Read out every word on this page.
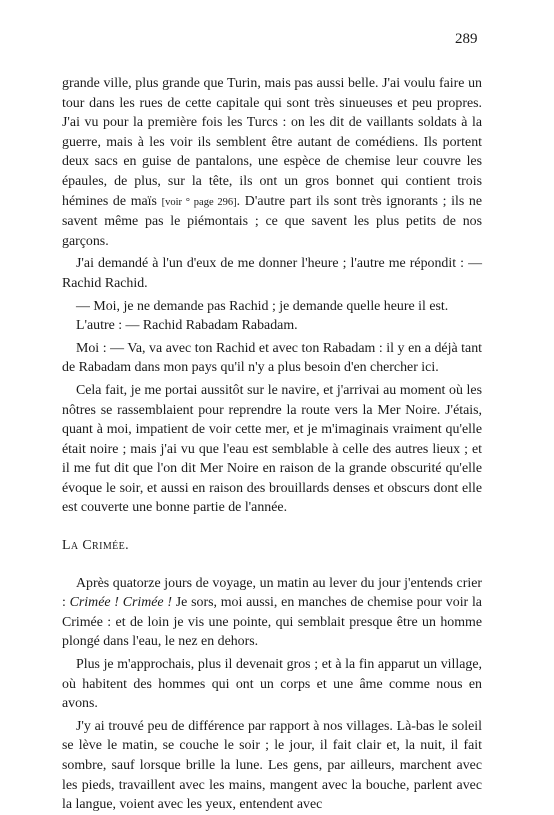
289

grande ville, plus grande que Turin, mais pas aussi belle. J'ai voulu faire un tour dans les rues de cette capitale qui sont très sinueuses et peu propres. J'ai vu pour la première fois les Turcs : on les dit de vaillants soldats à la guerre, mais à les voir ils semblent être autant de comédiens. Ils portent deux sacs en guise de pantalons, une espèce de chemise leur couvre les épaules, de plus, sur la tête, ils ont un gros bonnet qui contient trois hémines de maïs [voir ° page 296]. D'autre part ils sont très ignorants ; ils ne savent même pas le piémontais ; ce que savent les plus petits de nos garçons.

J'ai demandé à l'un d'eux de me donner l'heure ; l'autre me répondit : — Rachid Rachid.

— Moi, je ne demande pas Rachid ; je demande quelle heure il est.

L'autre : — Rachid Rabadam Rabadam.

Moi : — Va, va avec ton Rachid et avec ton Rabadam : il y en a déjà tant de Rabadam dans mon pays qu'il n'y a plus besoin d'en chercher ici.

Cela fait, je me portai aussitôt sur le navire, et j'arrivai au moment où les nôtres se rassemblaient pour reprendre la route vers la Mer Noire. J'étais, quant à moi, impatient de voir cette mer, et je m'imaginais vraiment qu'elle était noire ; mais j'ai vu que l'eau est semblable à celle des autres lieux ; et il me fut dit que l'on dit Mer Noire en raison de la grande obscurité qu'elle évoque le soir, et aussi en raison des brouillards denses et obscurs dont elle est couverte une bonne partie de l'année.

La Crimée.

Après quatorze jours de voyage, un matin au lever du jour j'entends crier : Crimée ! Crimée ! Je sors, moi aussi, en manches de chemise pour voir la Crimée : et de loin je vis une pointe, qui semblait presque être un homme plongé dans l'eau, le nez en dehors.

Plus je m'approchais, plus il devenait gros ; et à la fin apparut un village, où habitent des hommes qui ont un corps et une âme comme nous en avons.

J'y ai trouvé peu de différence par rapport à nos villages. Là-bas le soleil se lève le matin, se couche le soir ; le jour, il fait clair et, la nuit, il fait sombre, sauf lorsque brille la lune. Les gens, par ailleurs, marchent avec les pieds, travaillent avec les mains, mangent avec la bouche, parlent avec la langue, voient avec les yeux, entendent avec
